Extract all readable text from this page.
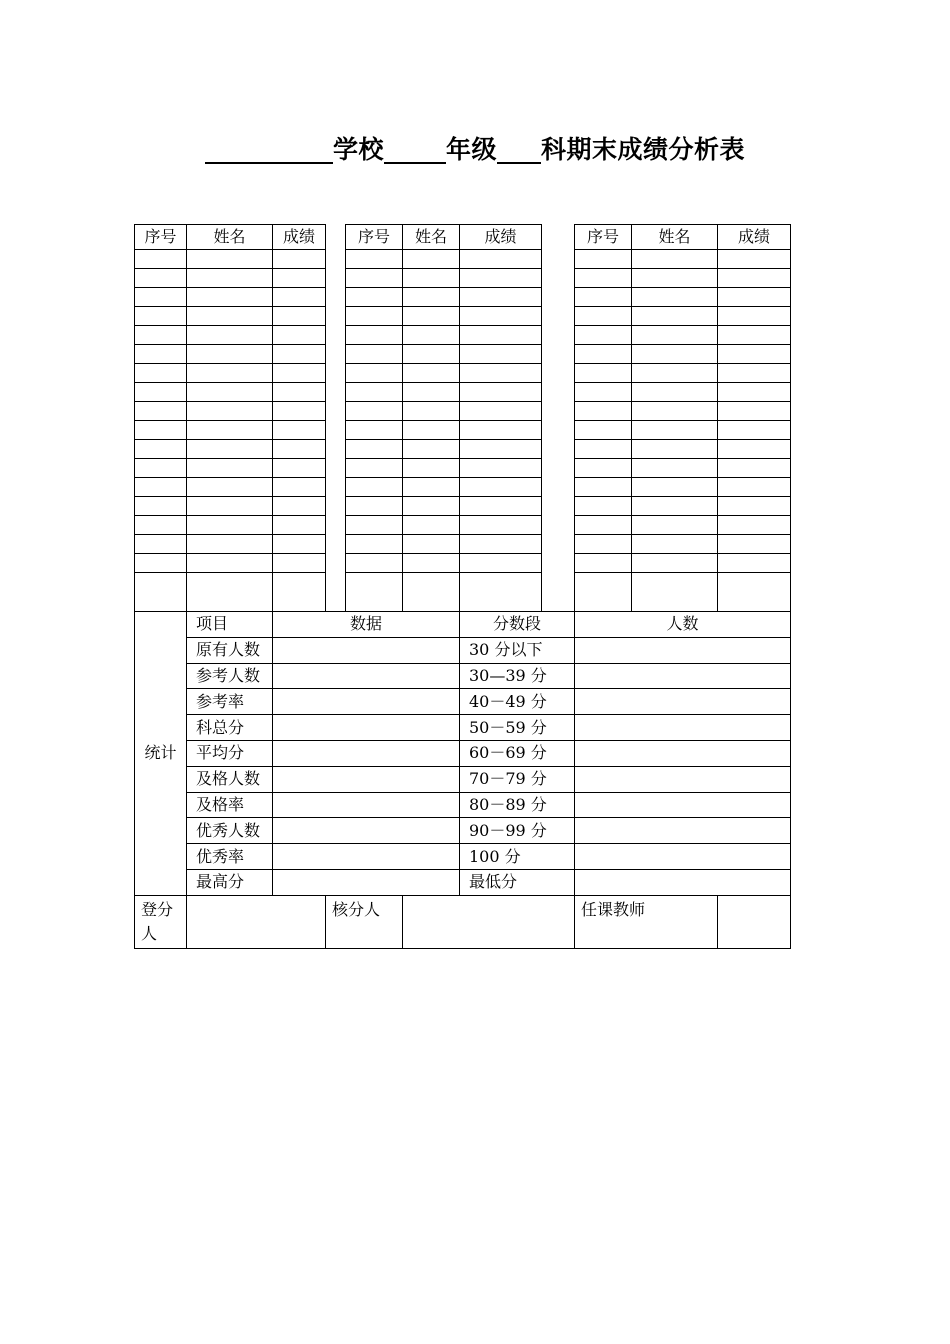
学校 年级 科期末成绩分析表
序号	姓名	成绩		序号	姓名	成绩		序号	姓名	成绩

统计	项目	数据				分数段		人数		
	原有人数					30 分以下				
	参考人数					30—39 分				
	参考率					40－49 分				
	科总分					50－59 分				
	平均分					60－69 分				
	及格人数					70－79 分				
	及格率					80－89 分				
	优秀人数					90－99 分				
	优秀率					100 分				
	最高分					最低分				
登分人			核分人					任课教师		
